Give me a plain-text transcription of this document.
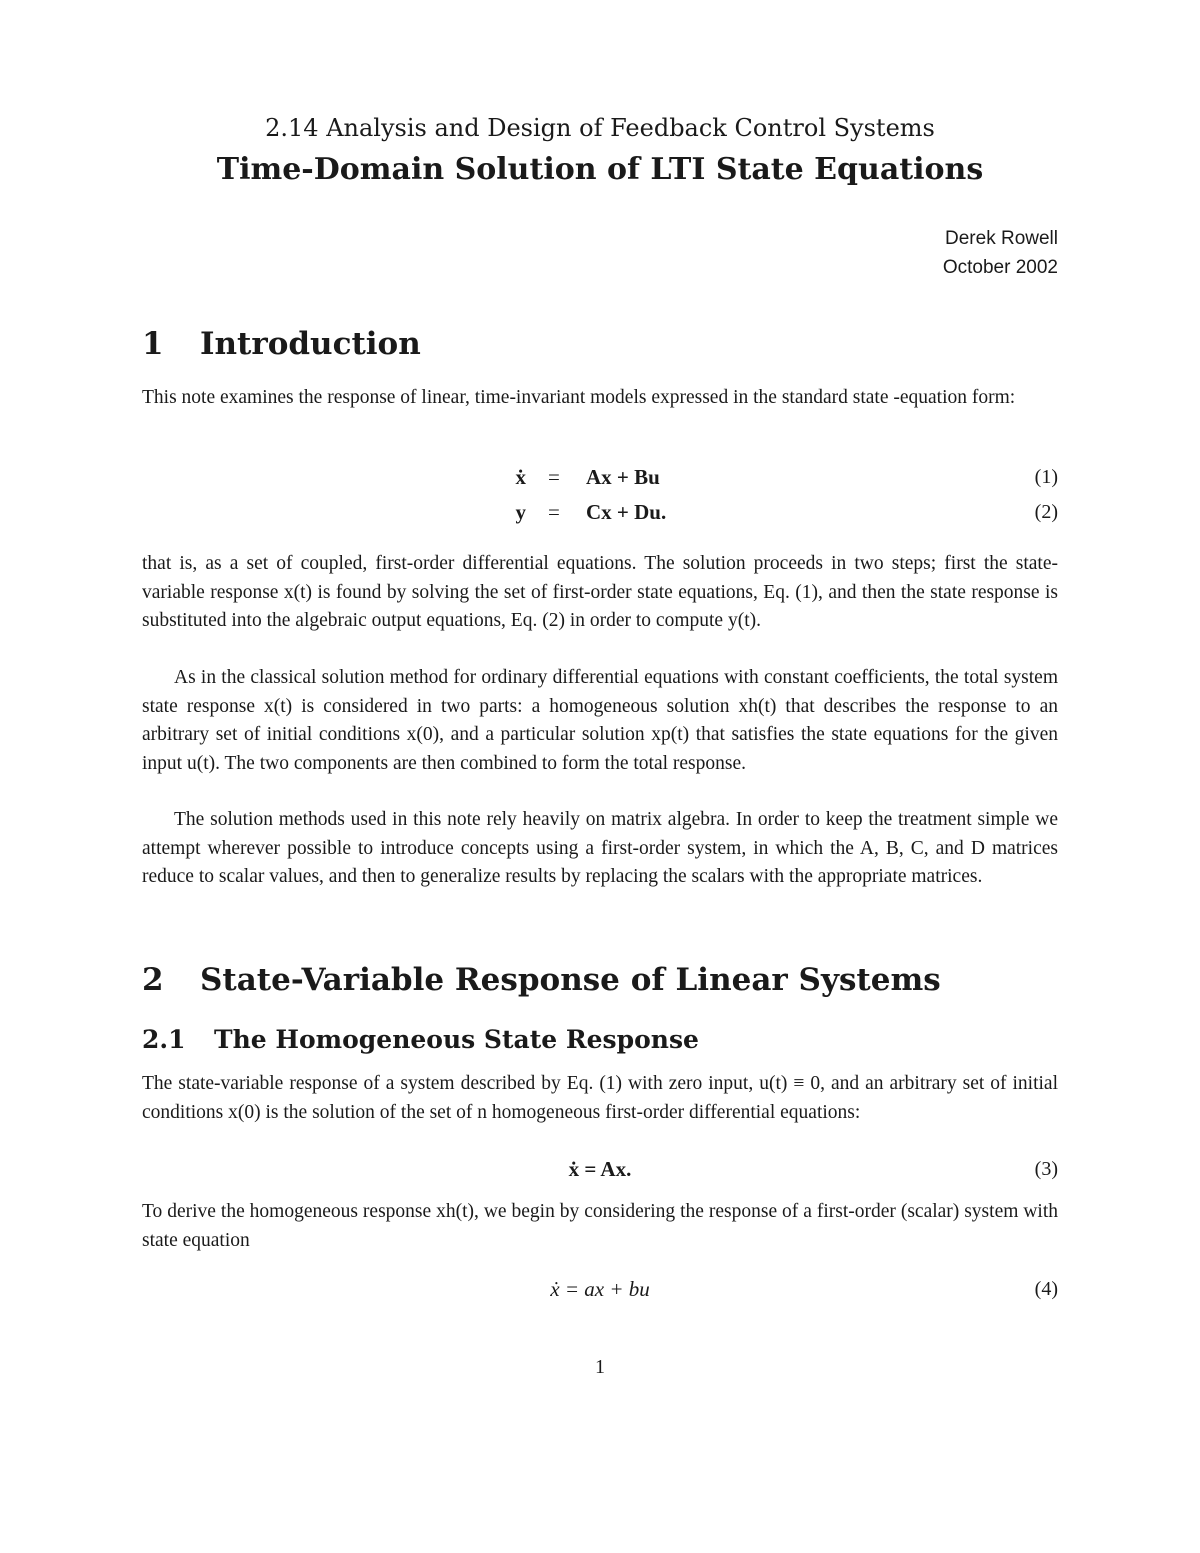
2.14 Analysis and Design of Feedback Control Systems
Time-Domain Solution of LTI State Equations
Derek Rowell
October 2002
1 Introduction
This note examines the response of linear, time-invariant models expressed in the standard state -equation form:
ẋ = Ax + Bu	(1)
y = Cx + Du.	(2)
that is, as a set of coupled, first-order differential equations. The solution proceeds in two steps; first the state-variable response x(t) is found by solving the set of first-order state equations, Eq. (1), and then the state response is substituted into the algebraic output equations, Eq. (2) in order to compute y(t).
As in the classical solution method for ordinary differential equations with constant coefficients, the total system state response x(t) is considered in two parts: a homogeneous solution xh(t) that describes the response to an arbitrary set of initial conditions x(0), and a particular solution xp(t) that satisfies the state equations for the given input u(t). The two components are then combined to form the total response.
The solution methods used in this note rely heavily on matrix algebra. In order to keep the treatment simple we attempt wherever possible to introduce concepts using a first-order system, in which the A, B, C, and D matrices reduce to scalar values, and then to generalize results by replacing the scalars with the appropriate matrices.
2 State-Variable Response of Linear Systems
2.1 The Homogeneous State Response
The state-variable response of a system described by Eq. (1) with zero input, u(t) ≡ 0, and an arbitrary set of initial conditions x(0) is the solution of the set of n homogeneous first-order differential equations:
ẋ = Ax.	(3)
To derive the homogeneous response xh(t), we begin by considering the response of a first-order (scalar) system with state equation
ẋ = ax + bu	(4)
1
